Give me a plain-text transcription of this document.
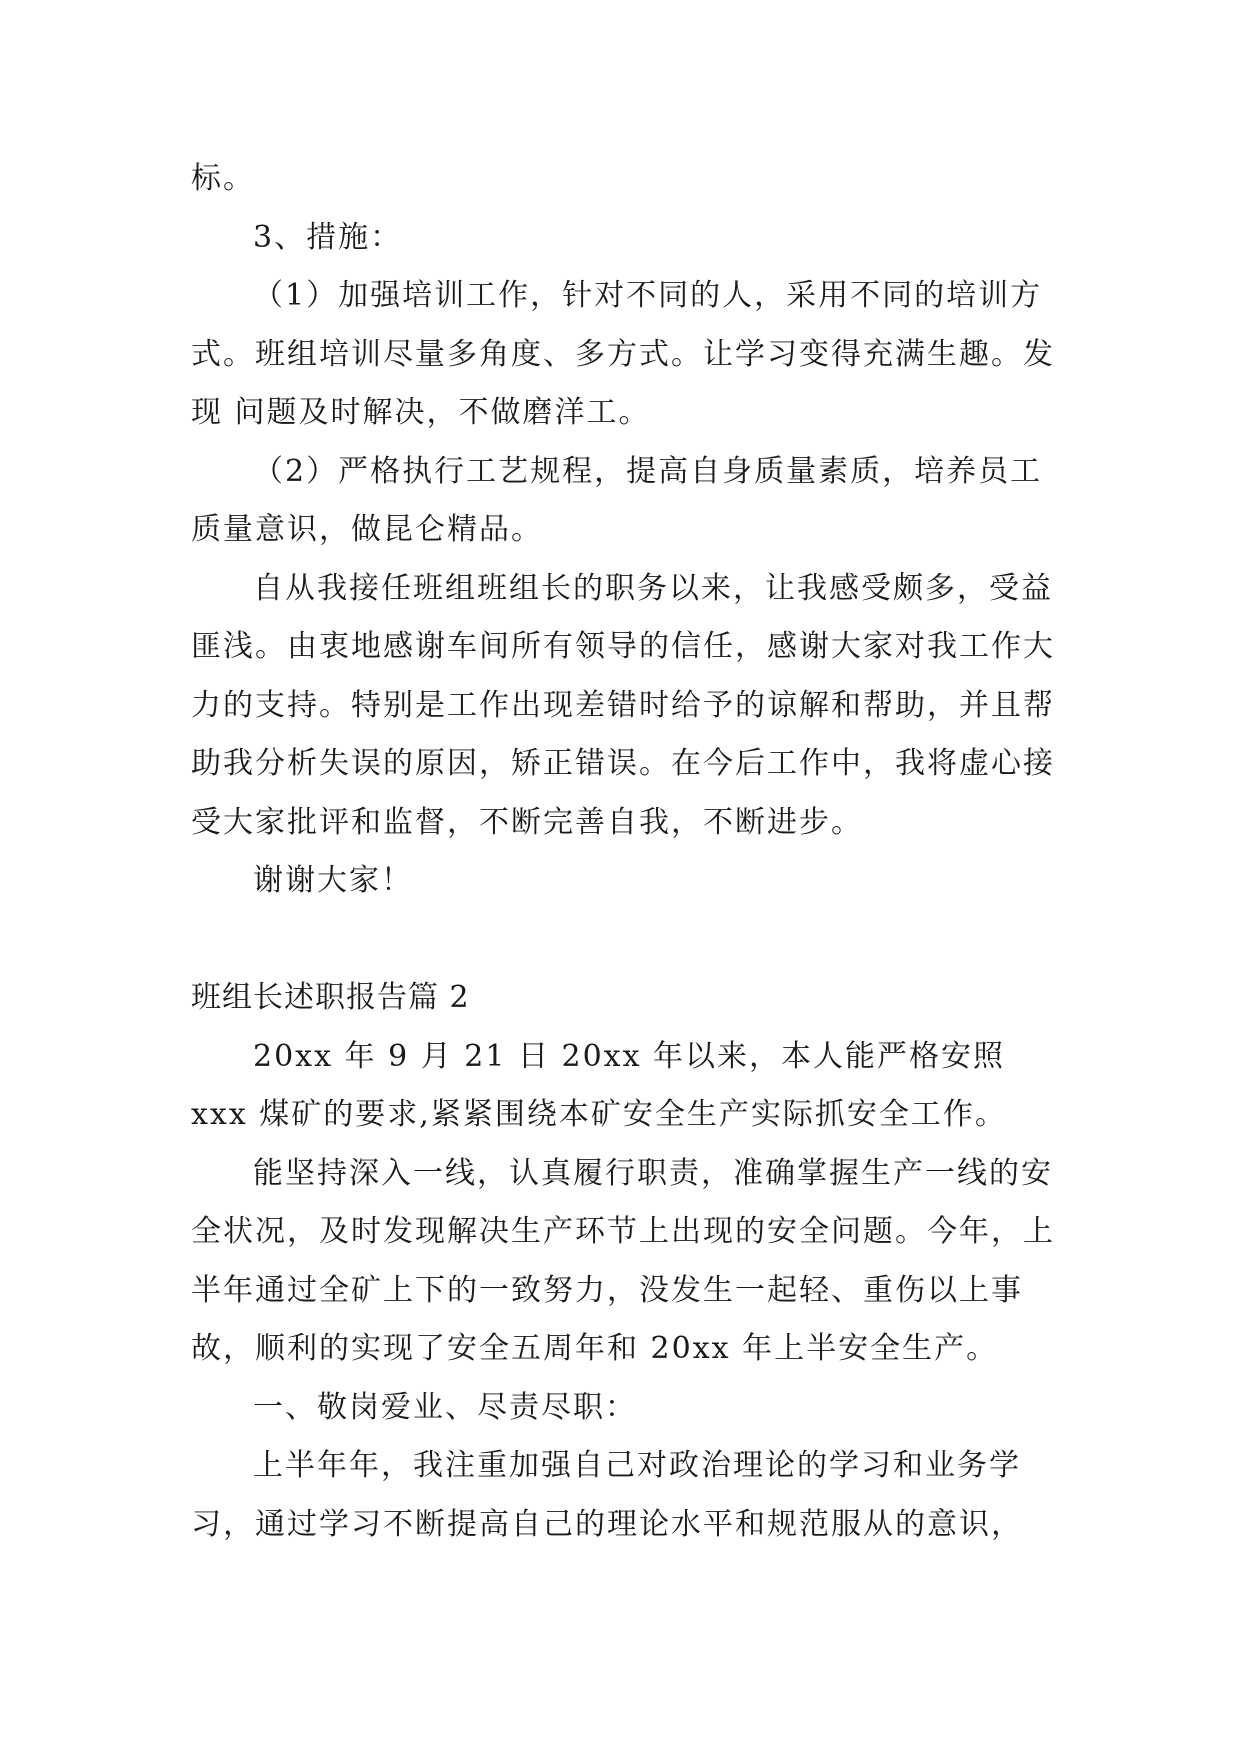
标。

3、措施：

（1）加强培训工作，针对不同的人，采用不同的培训方式。班组培训尽量多角度、多方式。让学习变得充满生趣。发现 问题及时解决，不做磨洋工。

（2）严格执行工艺规程，提高自身质量素质，培养员工质量意识，做昆仑精品。

自从我接任班组班组长的职务以来，让我感受颇多，受益匪浅。由衷地感谢车间所有领导的信任，感谢大家对我工作大力的支持。特别是工作出现差错时给予的谅解和帮助，并且帮助我分析失误的原因，矫正错误。在今后工作中，我将虚心接受大家批评和监督，不断完善自我，不断进步。

谢谢大家！

班组长述职报告篇 2

20xx 年 9 月 21 日 20xx 年以来，本人能严格安照 xxx 煤矿的要求,紧紧围绕本矿安全生产实际抓安全工作。

能坚持深入一线，认真履行职责，准确掌握生产一线的安全状况，及时发现解决生产环节上出现的安全问题。今年，上半年通过全矿上下的一致努力，没发生一起轻、重伤以上事故，顺利的实现了安全五周年和 20xx 年上半安全生产。

一、敬岗爱业、尽责尽职：

上半年年，我注重加强自己对政治理论的学习和业务学习，通过学习不断提高自己的理论水平和规范服从的意识，
